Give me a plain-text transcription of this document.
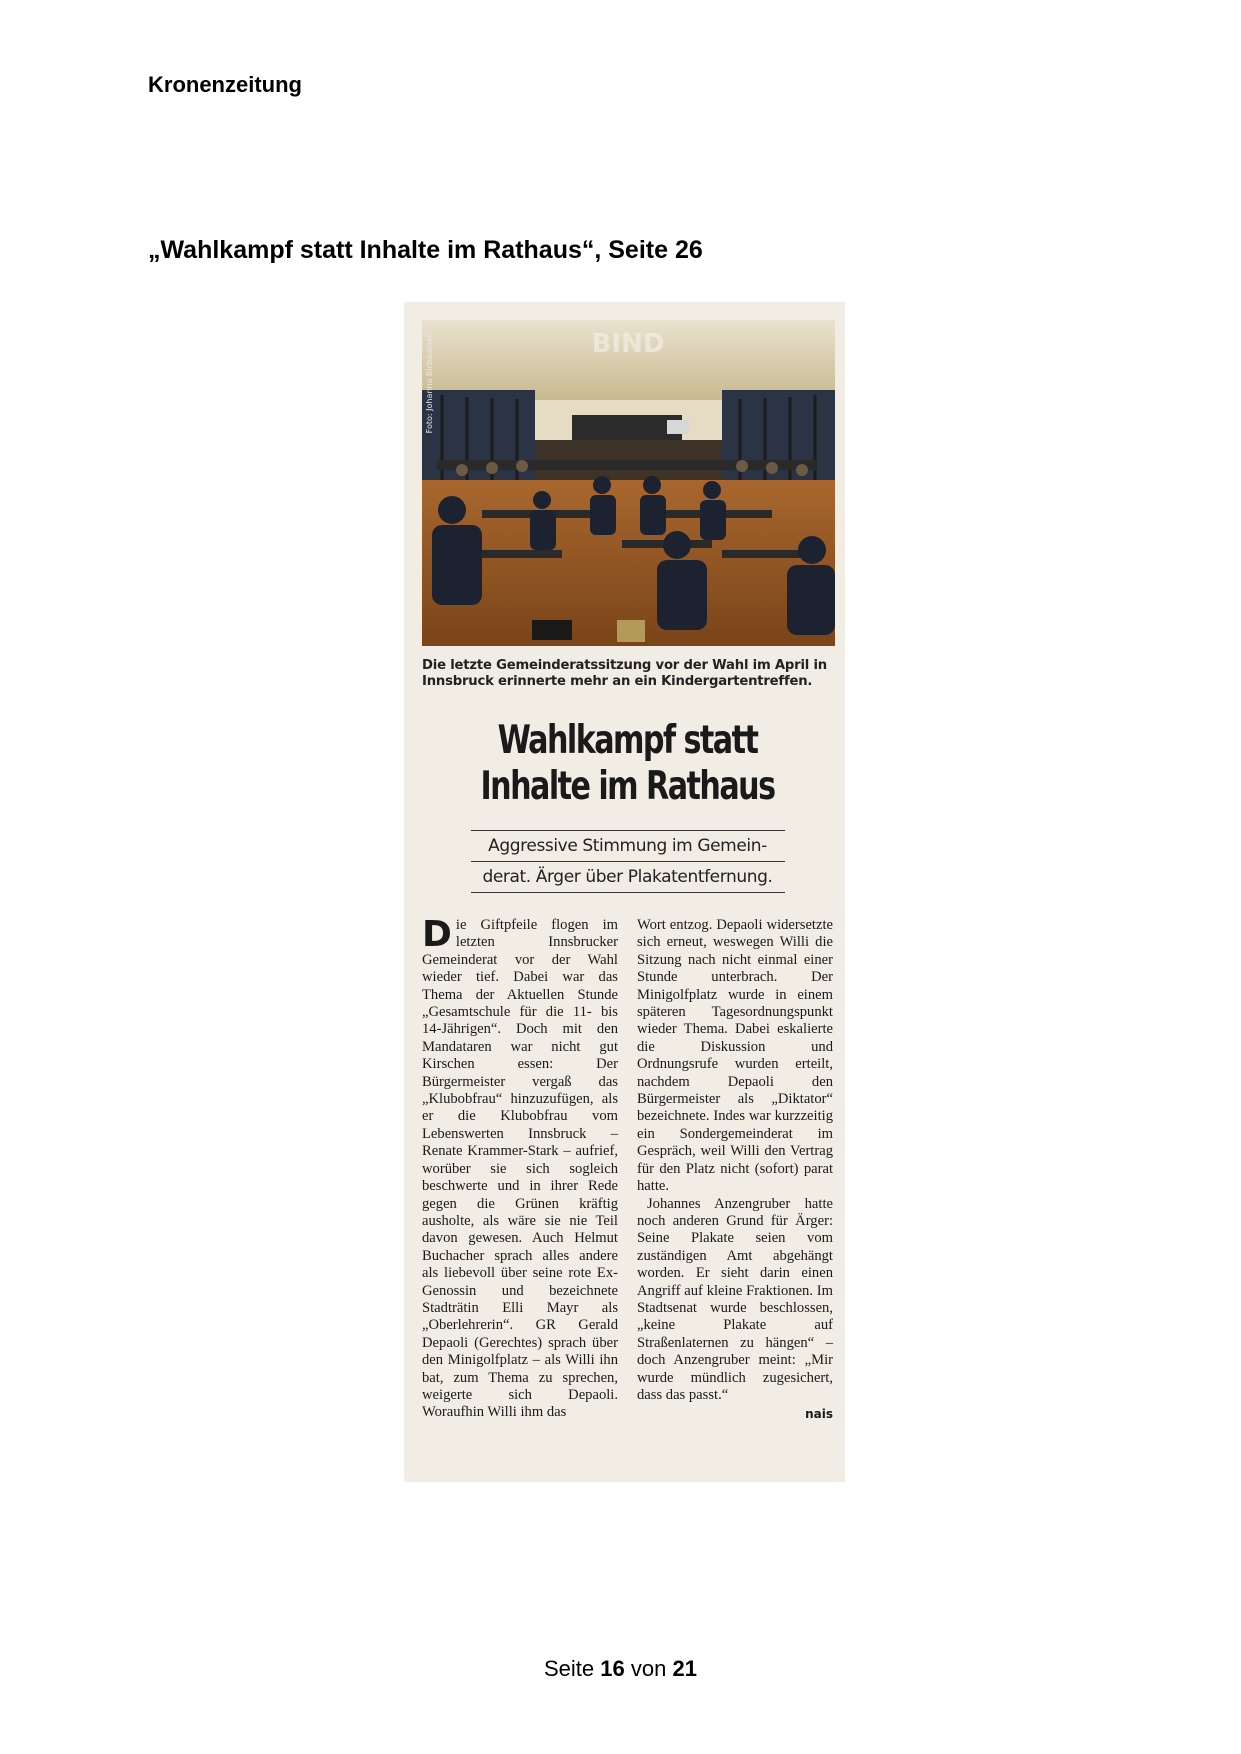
Kronenzeitung

„Wahlkampf statt Inhalte im Rathaus“, Seite 26

BIND
Foto: Johanna Birbaumer

Die letzte Gemeinderatssitzung vor der Wahl im April in Innsbruck erinnerte mehr an ein Kindergartentreffen.

Wahlkampf statt
Inhalte im Rathaus
Aggressive Stimmung im Gemein-
derat. Ärger über Plakatentfernung.

Die Giftpfeile flogen im letzten Innsbrucker Gemeinderat vor der Wahl wieder tief. Dabei war das Thema der Aktuellen Stunde „Gesamtschule für die 11- bis 14-Jährigen“. Doch mit den Mandataren war nicht gut Kirschen essen: Der Bürgermeister vergaß das „Klubobfrau“ hinzuzufügen, als er die Klubobfrau vom Lebenswerten Innsbruck – Renate Krammer-Stark – aufrief, worüber sie sich sogleich beschwerte und in ihrer Rede gegen die Grünen kräftig ausholte, als wäre sie nie Teil davon gewesen. Auch Helmut Buchacher sprach alles andere als liebevoll über seine rote Ex-Genossin und bezeichnete Stadträtin Elli Mayr als „Oberlehrerin“. GR Gerald Depaoli (Gerechtes) sprach über den Minigolfplatz – als Willi ihn bat, zum Thema zu sprechen, weigerte sich Depaoli. Woraufhin Willi ihm das

Wort entzog. Depaoli widersetzte sich erneut, weswegen Willi die Sitzung nach nicht einmal einer Stunde unterbrach. Der Minigolfplatz wurde in einem späteren Tagesordnungspunkt wieder Thema. Dabei eskalierte die Diskussion und Ordnungsrufe wurden erteilt, nachdem Depaoli den Bürgermeister als „Diktator“ bezeichnete. Indes war kurzzeitig ein Sondergemeinderat im Gespräch, weil Willi den Vertrag für den Platz nicht (sofort) parat hatte.
Johannes Anzengruber hatte noch anderen Grund für Ärger: Seine Plakate seien vom zuständigen Amt abgehängt worden. Er sieht darin einen Angriff auf kleine Fraktionen. Im Stadtsenat wurde beschlossen, „keine Plakate auf Straßenlaternen zu hängen“ – doch Anzengruber meint: „Mir wurde mündlich zugesichert, dass das passt.“
nais

Seite 16 von 21
